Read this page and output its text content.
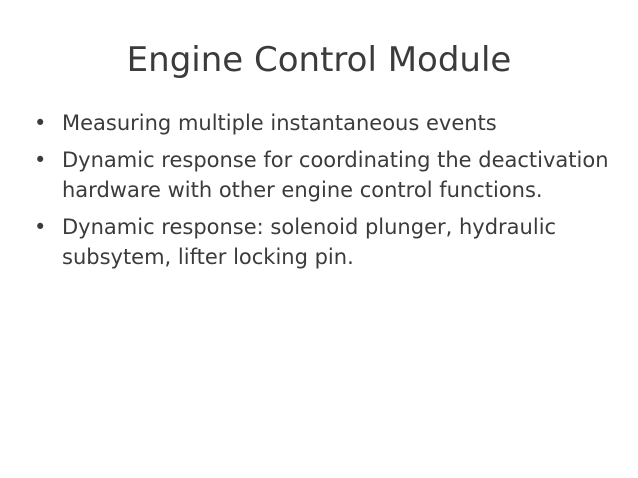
Engine Control Module
• Measuring multiple instantaneous events
• Dynamic response for coordinating the deactivation hardware with other engine control functions.
• Dynamic response: solenoid plunger, hydraulic subsytem, lifter locking pin.
